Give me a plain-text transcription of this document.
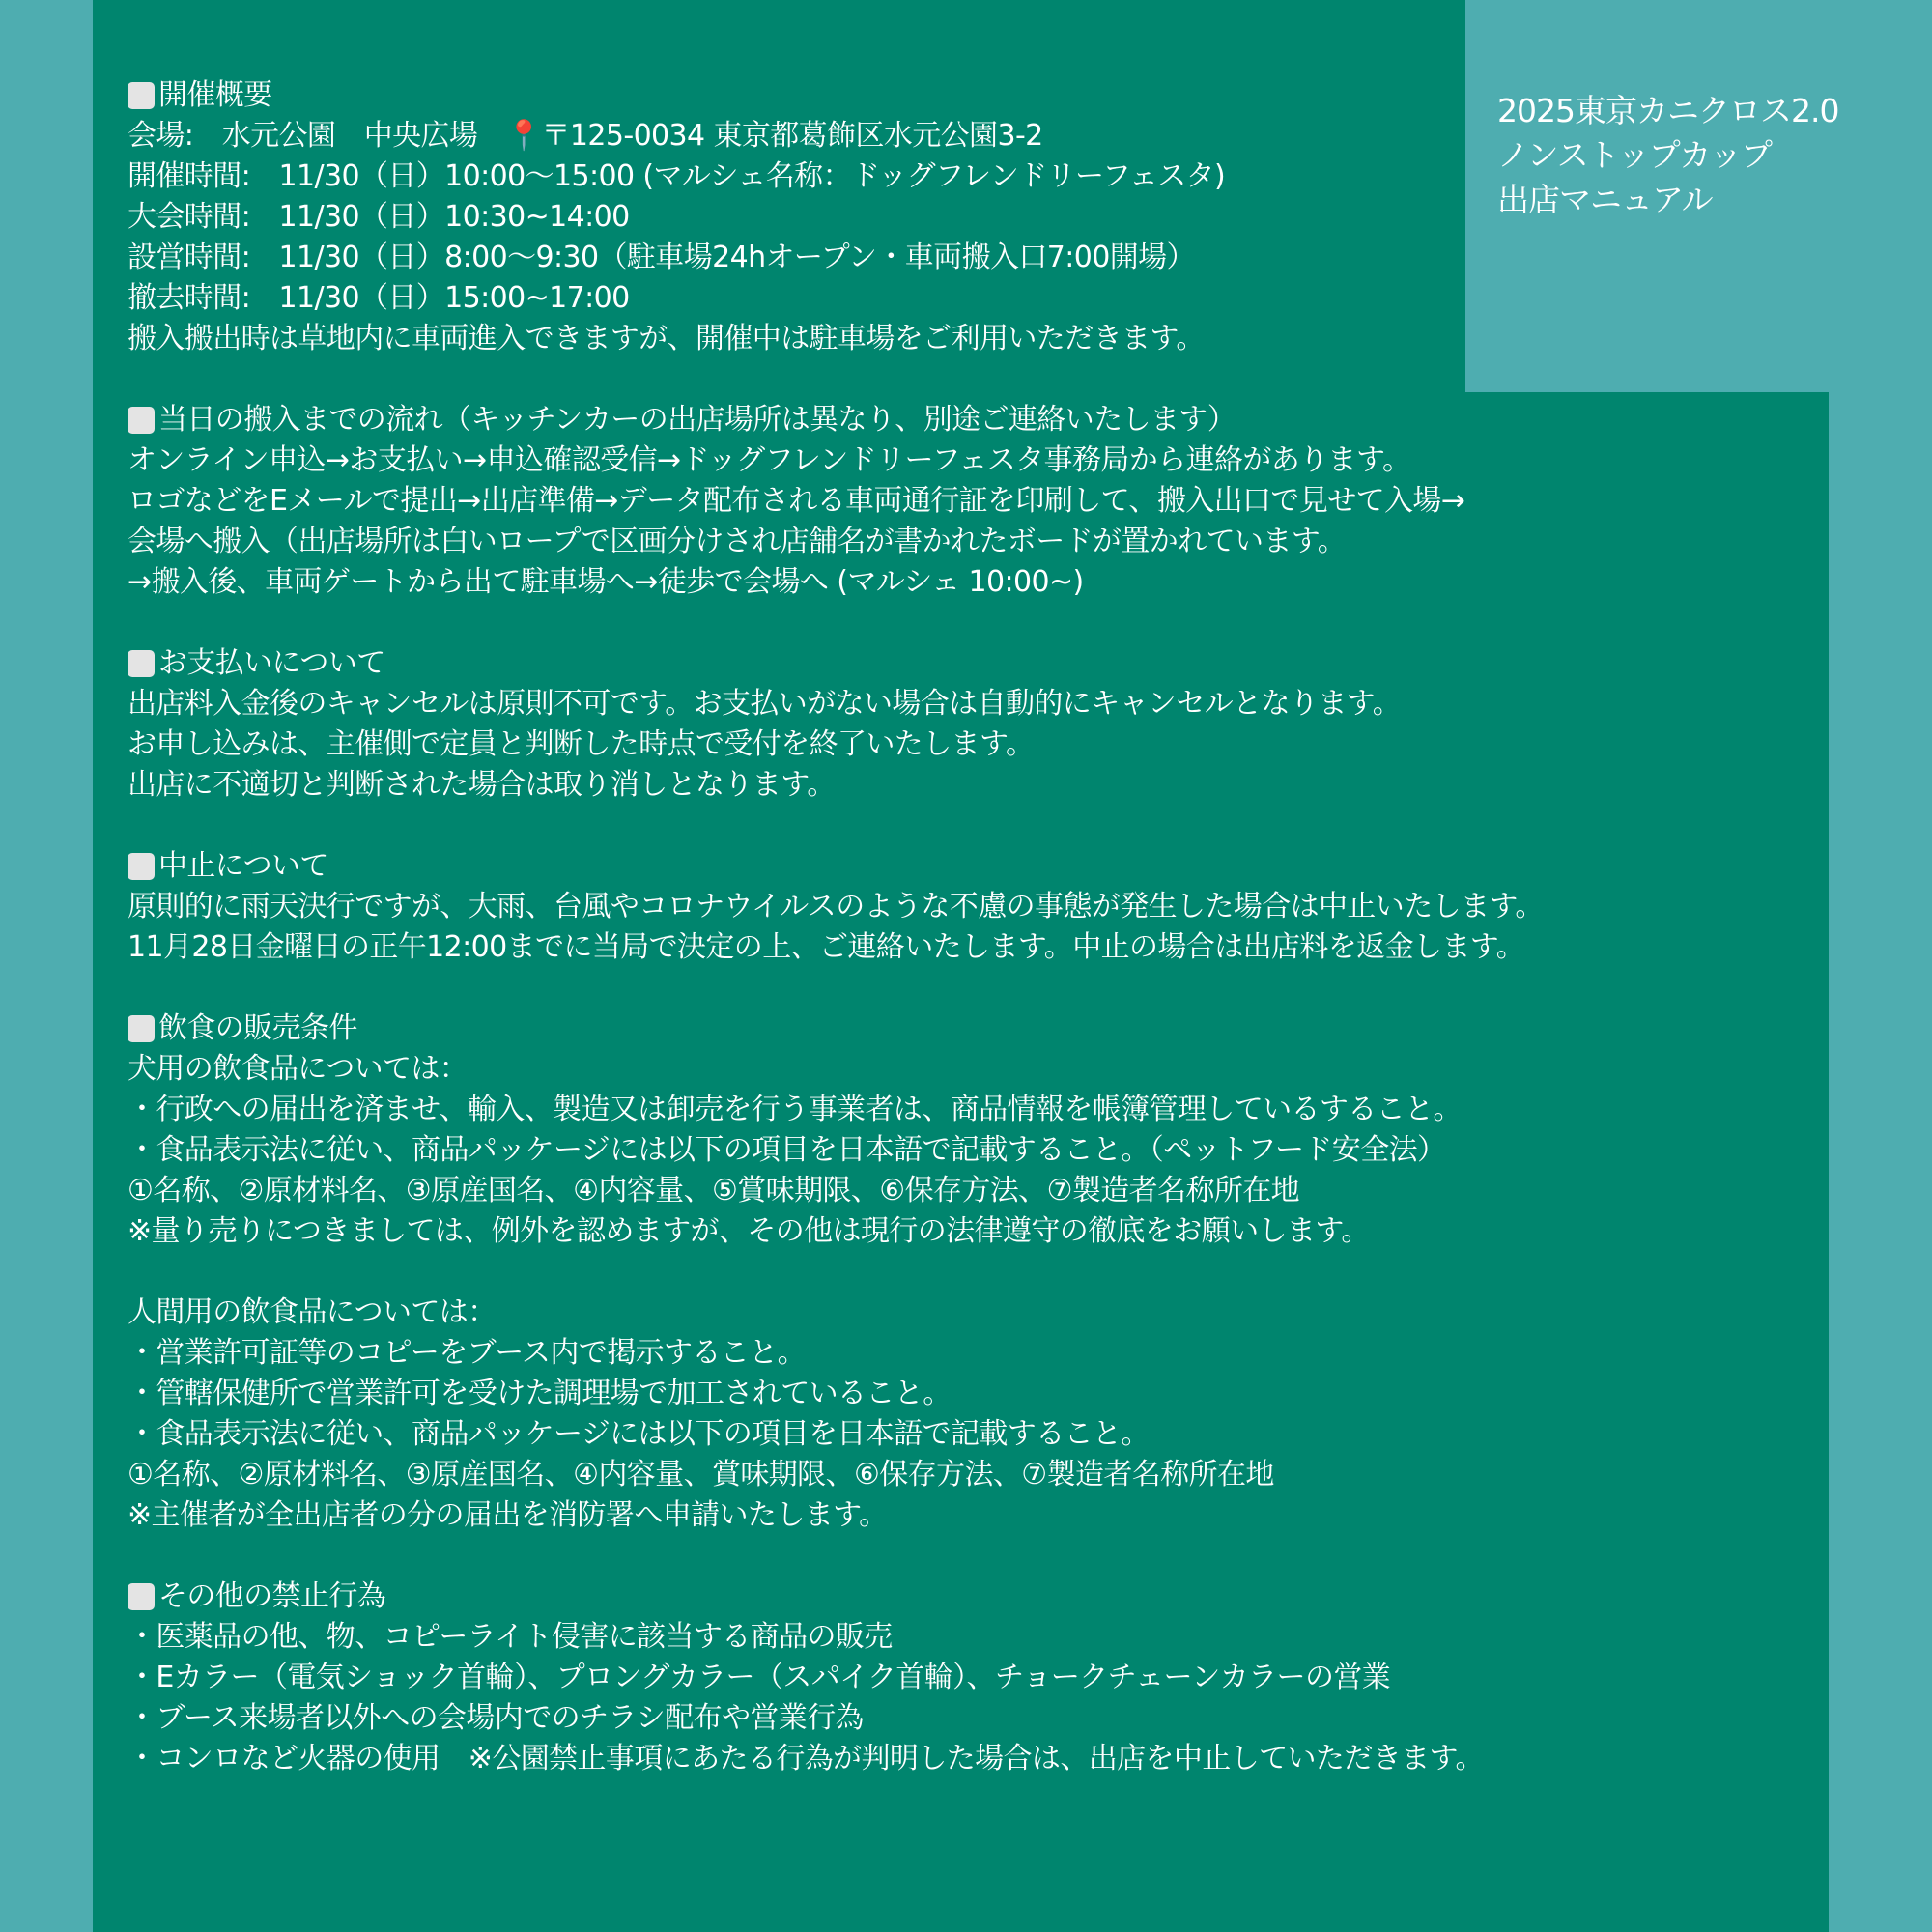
2025東京カニクロス2.0
ノンストップカップ
出店マニュアル
開催概要
会場:　水元公園　中央広場　📍〒125-0034 東京都葛飾区水元公園3-2
開催時間:　11/30（日）10:00〜15:00 (マルシェ名称：ドッグフレンドリーフェスタ)
大会時間:　11/30（日）10:30~14:00
設営時間:　11/30（日）8:00〜9:30（駐車場24hオープン・車両搬入口7:00開場）
撤去時間:　11/30（日）15:00~17:00
搬入搬出時は草地内に車両進入できますが、開催中は駐車場をご利用いただきます。
当日の搬入までの流れ（キッチンカーの出店場所は異なり、別途ご連絡いたします）
オンライン申込→お支払い→申込確認受信→ドッグフレンドリーフェスタ事務局から連絡があります。
ロゴなどをEメールで提出→出店準備→データ配布される車両通行証を印刷して、搬入出口で見せて入場→
会場へ搬入（出店場所は白いロープで区画分けされ店舗名が書かれたボードが置かれています。
→搬入後、車両ゲートから出て駐車場へ→徒歩で会場へ (マルシェ 10:00~)
お支払いについて
出店料入金後のキャンセルは原則不可です。お支払いがない場合は自動的にキャンセルとなります。
お申し込みは、主催側で定員と判断した時点で受付を終了いたします。
出店に不適切と判断された場合は取り消しとなります。
中止について
原則的に雨天決行ですが、大雨、台風やコロナウイルスのような不慮の事態が発生した場合は中止いたします。
11月28日金曜日の正午12:00までに当局で決定の上、ご連絡いたします。中止の場合は出店料を返金します。
飲食の販売条件
犬用の飲食品については：
・行政への届出を済ませ、輸入、製造又は卸売を行う事業者は、商品情報を帳簿管理しているすること。
・食品表示法に従い、商品パッケージには以下の項目を日本語で記載すること。（ペットフード安全法）
①名称、②原材料名、③原産国名、④内容量、⑤賞味期限、⑥保存方法、⑦製造者名称所在地
※量り売りにつきましては、例外を認めますが、その他は現行の法律遵守の徹底をお願いします。
人間用の飲食品については：
・営業許可証等のコピーをブース内で掲示すること。
・管轄保健所で営業許可を受けた調理場で加工されていること。
・食品表示法に従い、商品パッケージには以下の項目を日本語で記載すること。
①名称、②原材料名、③原産国名、④内容量、賞味期限、⑥保存方法、⑦製造者名称所在地
※主催者が全出店者の分の届出を消防署へ申請いたします。
その他の禁止行為
・医薬品の他、物、コピーライト侵害に該当する商品の販売
・Eカラー（電気ショック首輪）、プロングカラー（スパイク首輪）、チョークチェーンカラーの営業
・ブース来場者以外への会場内でのチラシ配布や営業行為
・コンロなど火器の使用　※公園禁止事項にあたる行為が判明した場合は、出店を中止していただきます。
